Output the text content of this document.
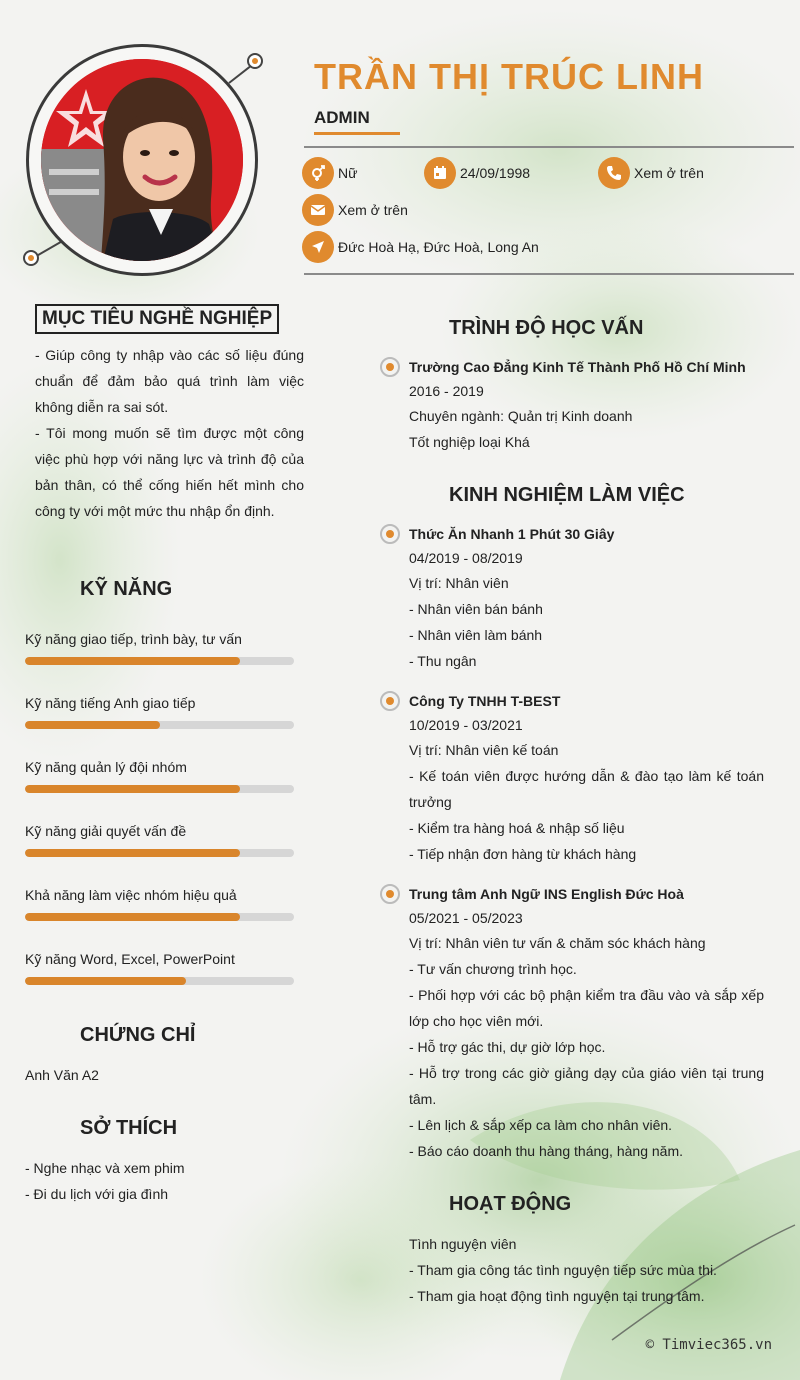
TRẦN THỊ TRÚC LINH
ADMIN
Nữ	24/09/1998	Xem ở trên
Xem ở trên
Đức Hoà Hạ, Đức Hoà, Long An
MỤC TIÊU NGHỀ NGHIỆP

- Giúp công ty nhập vào các số liệu đúng chuẩn để đảm bảo quá trình làm việc không diễn ra sai sót.

- Tôi mong muốn sẽ tìm được một công việc phù hợp với năng lực và trình độ của bản thân, có thể cống hiến hết mình cho công ty với một mức thu nhập ổn định.

KỸ NĂNG
Kỹ năng giao tiếp, trình bày, tư vấn
Kỹ năng tiếng Anh giao tiếp
Kỹ năng quản lý đội nhóm
Kỹ năng giải quyết vấn đề
Khả năng làm việc nhóm hiệu quả
Kỹ năng Word, Excel, PowerPoint
CHỨNG CHỈ
Anh Văn A2
SỞ THÍCH
- Nghe nhạc và xem phim
- Đi du lịch với gia đình
TRÌNH ĐỘ HỌC VẤN
Trường Cao Đẳng Kinh Tế Thành Phố Hồ Chí Minh
2016 - 2019
Chuyên ngành: Quản trị Kinh doanh
Tốt nghiệp loại Khá
KINH NGHIỆM LÀM VIỆC
Thức Ăn Nhanh 1 Phút 30 Giây
04/2019 - 08/2019
Vị trí: Nhân viên
- Nhân viên bán bánh
- Nhân viên làm bánh
- Thu ngân
Công Ty TNHH T-BEST
10/2019 - 03/2021
Vị trí: Nhân viên kế toán
- Kế toán viên được hướng dẫn & đào tạo làm kế toán trưởng
- Kiểm tra hàng hoá & nhập số liệu
- Tiếp nhận đơn hàng từ khách hàng
Trung tâm Anh Ngữ INS English Đức Hoà
05/2021 - 05/2023
Vị trí: Nhân viên tư vấn & chăm sóc khách hàng
- Tư vấn chương trình học.
- Phối hợp với các bộ phận kiểm tra đầu vào và sắp xếp lớp cho học viên mới.
- Hỗ trợ gác thi, dự giờ lớp học.
- Hỗ trợ trong các giờ giảng dạy của giáo viên tại trung tâm.
- Lên lịch & sắp xếp ca làm cho nhân viên.
- Báo cáo doanh thu hàng tháng, hàng năm.
HOẠT ĐỘNG
Tình nguyện viên
- Tham gia công tác tình nguyện tiếp sức mùa thi.
- Tham gia hoạt động tình nguyện tại trung tâm.
© Timviec365.vn
